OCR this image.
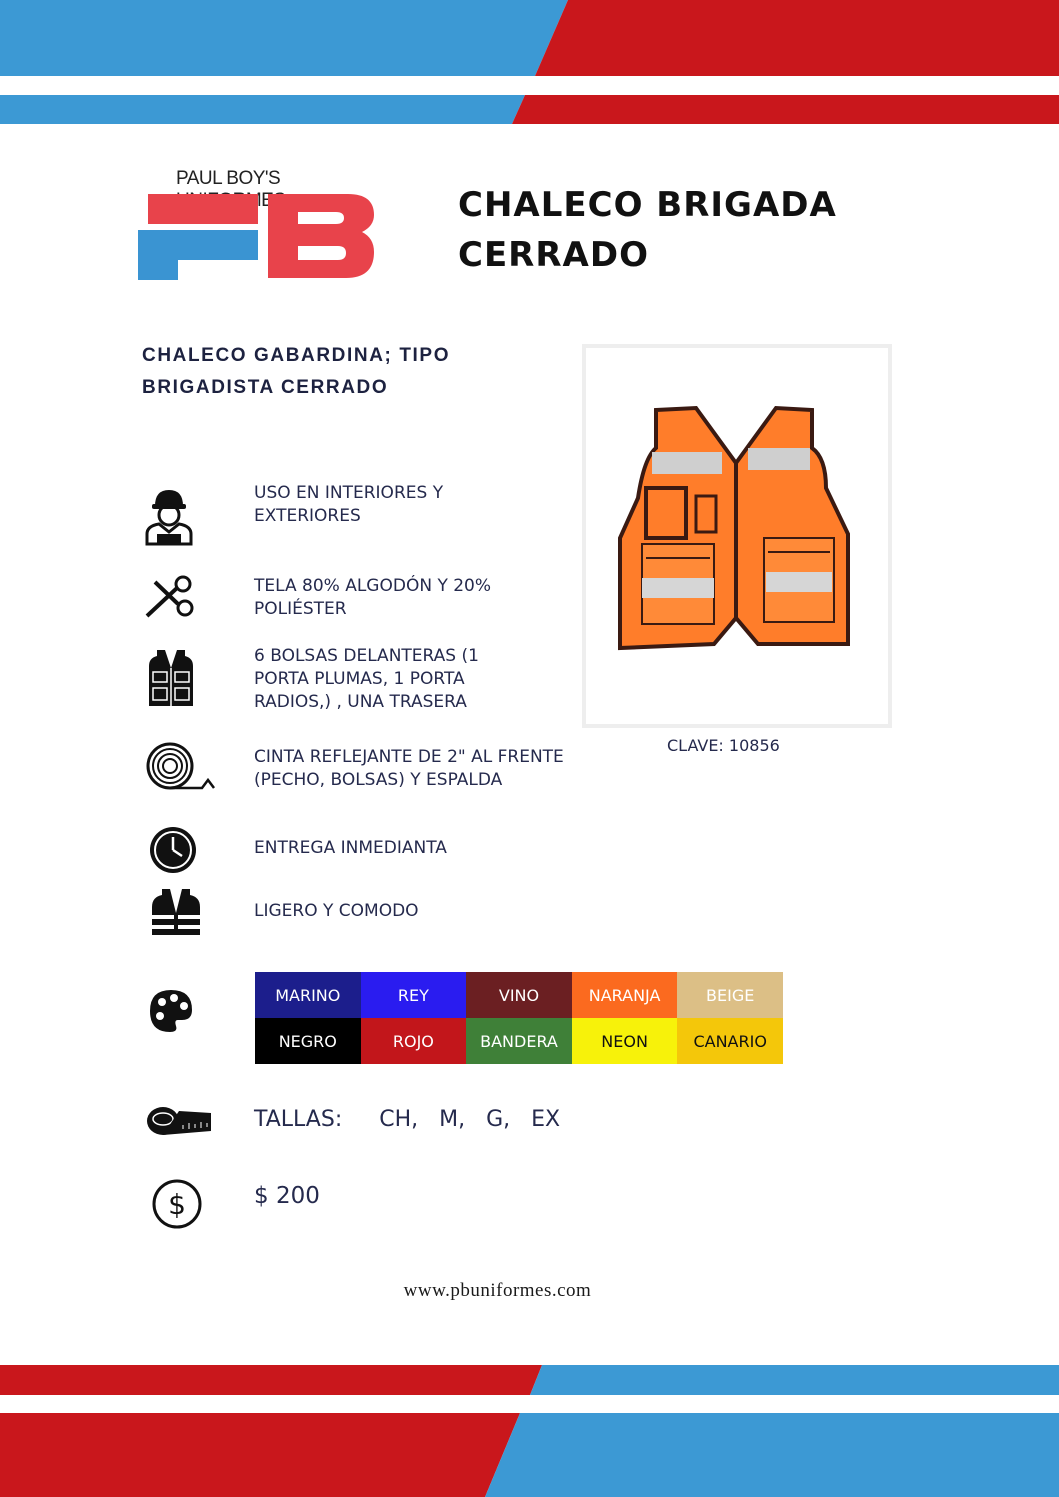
PAUL BOY'S
CHALECO BRIGADA
CERRADO
CHALECO GABARDINA; TIPO
BRIGADISTA CERRADO
USO EN INTERIORES Y
EXTERIORES
TELA 80% ALGODÓN Y 20%
POLIÉSTER
6 BOLSAS DELANTERAS (1
PORTA PLUMAS, 1 PORTA
RADIOS,) , UNA TRASERA
CINTA REFLEJANTE DE 2" AL FRENTE
(PECHO, BOLSAS) Y ESPALDA
ENTREGA INMEDIANTA
LIGERO Y COMODO
CLAVE: 10856
MARINO	REY	VINO	NARANJA	BEIGE
NEGRO	ROJO	BANDERA	NEON	CANARIO
TALLAS: CH,   M,   G,   EX
$	$ 200
www.pbuniformes.com
